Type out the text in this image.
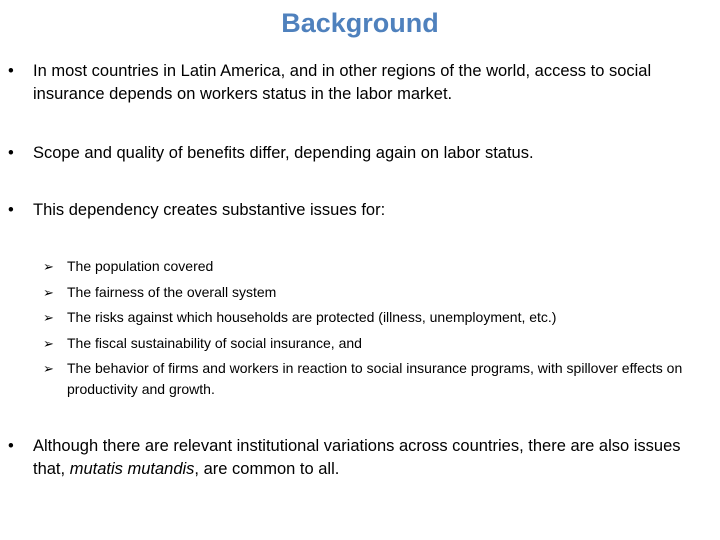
Background
• In most countries in Latin America, and in other regions of the world, access to social insurance depends on workers status in the labor market.
• Scope and quality of benefits differ, depending again on labor status.
• This dependency creates substantive issues for:
➢ The population covered
➢ The fairness of the overall system
➢ The risks against which households are protected (illness, unemployment, etc.)
➢ The fiscal sustainability of social insurance, and
➢ The behavior of firms and workers in reaction to social insurance programs, with spillover effects on productivity and growth.
• Although there are relevant institutional variations across countries, there are also issues that, mutatis mutandis, are common to all.
